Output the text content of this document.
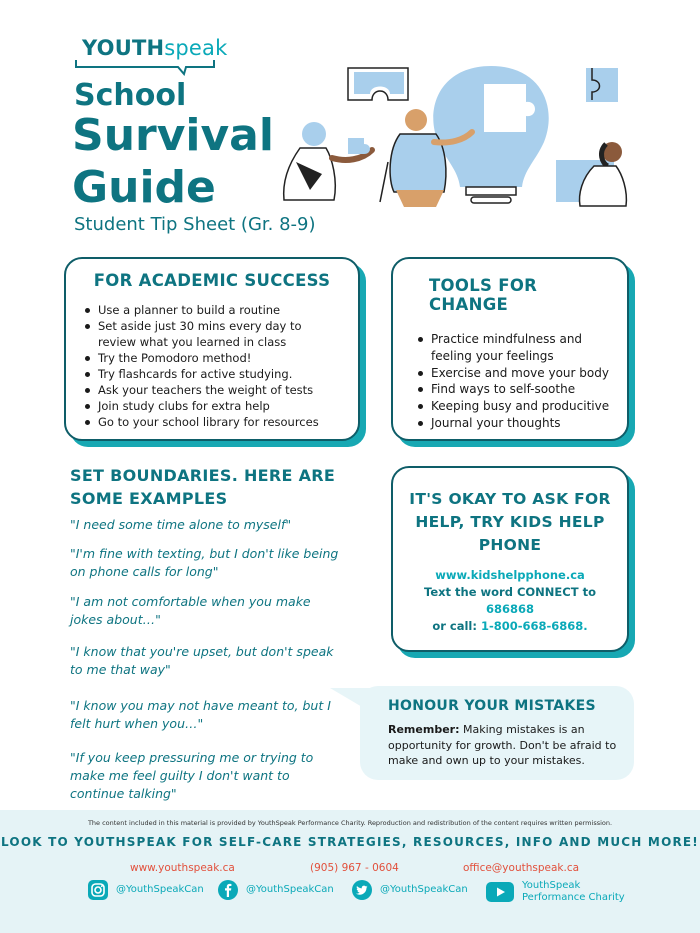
YOUTHspeak
School
Survival
Guide
Student Tip Sheet (Gr. 8-9)
FOR ACADEMIC SUCCESS
Use a planner to build a routine
Set aside just 30 mins every day to review what you learned in class
Try the Pomodoro method!
Try flashcards for active studying.
Ask your teachers the weight of tests
Join study clubs for extra help
Go to your school library for resources
TOOLS FOR CHANGE
Practice mindfulness and feeling your feelings
Exercise and move your body
Find ways to self-soothe
Keeping busy and producitive
Journal your thoughts
SET BOUNDARIES. HERE ARE SOME EXAMPLES
"I need some time alone to myself"
"I'm fine with texting, but I don't like being on phone calls for long"
"I am not comfortable when you make jokes about…"
"I know that you're upset, but don't speak to me that way"
"I know you may not have meant to, but I felt hurt when you…"
"If you keep pressuring me or trying to make me feel guilty I don't want to continue talking"
IT'S OKAY TO ASK FOR HELP, TRY KIDS HELP PHONE
www.kidshelpphone.ca
Text the word CONNECT to
686868
or call: 1-800-668-6868.
HONOUR YOUR MISTAKES

Remember: Making mistakes is an opportunity for growth. Don't be afraid to make and own up to your mistakes.

The content included in this material is provided by YouthSpeak Performance Charity. Reproduction and redistribution of the content requires written permission.
LOOK TO YOUTHSPEAK FOR SELF-CARE STRATEGIES, RESOURCES, INFO AND MUCH MORE!
www.youthspeak.ca	(905) 967 - 0604	office@youthspeak.ca
@YouthSpeakCan	@YouthSpeakCan	@YouthSpeakCan	YouthSpeak
Performance Charity
